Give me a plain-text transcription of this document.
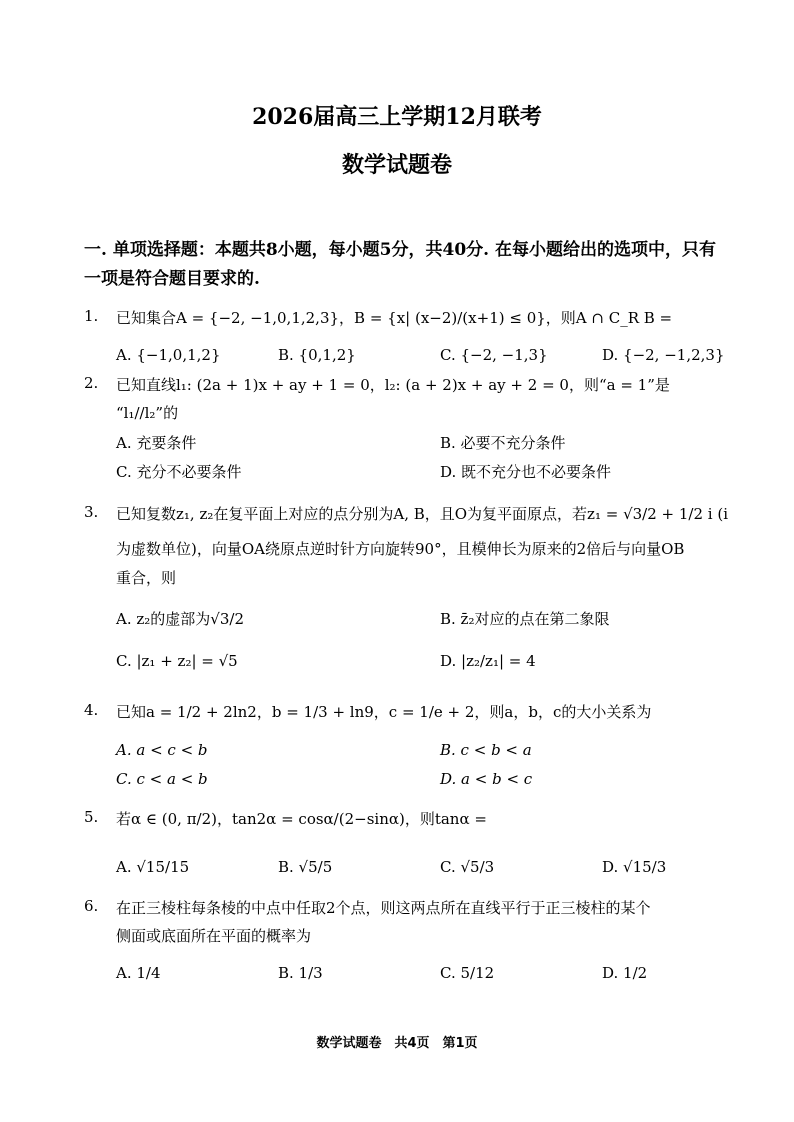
2026届高三上学期12月联考
数学试题卷
一. 单项选择题：本题共8小题，每小题5分，共40分. 在每小题给出的选项中，只有一项是符合题目要求的.
1. 已知集合A = {−2, −1,0,1,2,3}，B = {x| (x−2)/(x+1) ≤ 0}，则A ∩ C_R B =
A. {−1,0,1,2}	B. {0,1,2}	C. {−2, −1,3}	D. {−2, −1,2,3}
2. 已知直线l₁: (2a + 1)x + ay + 1 = 0，l₂: (a + 2)x + ay + 2 = 0，则“a = 1”是
“l₁//l₂”的
A. 充要条件	B. 必要不充分条件
C. 充分不必要条件	D. 既不充分也不必要条件
3. 已知复数z₁, z₂在复平面上对应的点分别为A, B，且O为复平面原点，若z₁ = √3/2 + 1/2 i (i
为虚数单位)，向量OA绕原点逆时针方向旋转90°，且模伸长为原来的2倍后与向量OB
重合，则
A. z₂的虚部为√3/2	B. z̄₂对应的点在第二象限
C. |z₁ + z₂| = √5	D. |z₂/z₁| = 4
4. 已知a = 1/2 + 2ln2，b = 1/3 + ln9，c = 1/e + 2，则a，b，c的大小关系为
A. a < c < b	B. c < b < a
C. c < a < b	D. a < b < c
5. 若α ∈ (0, π/2)，tan2α = cosα/(2−sinα)，则tanα =
A. √15/15	B. √5/5	C. √5/3	D. √15/3
6. 在正三棱柱每条棱的中点中任取2个点，则这两点所在直线平行于正三棱柱的某个
侧面或底面所在平面的概率为
A. 1/4	B. 1/3	C. 5/12	D. 1/2
数学试题卷　共4页　第1页
